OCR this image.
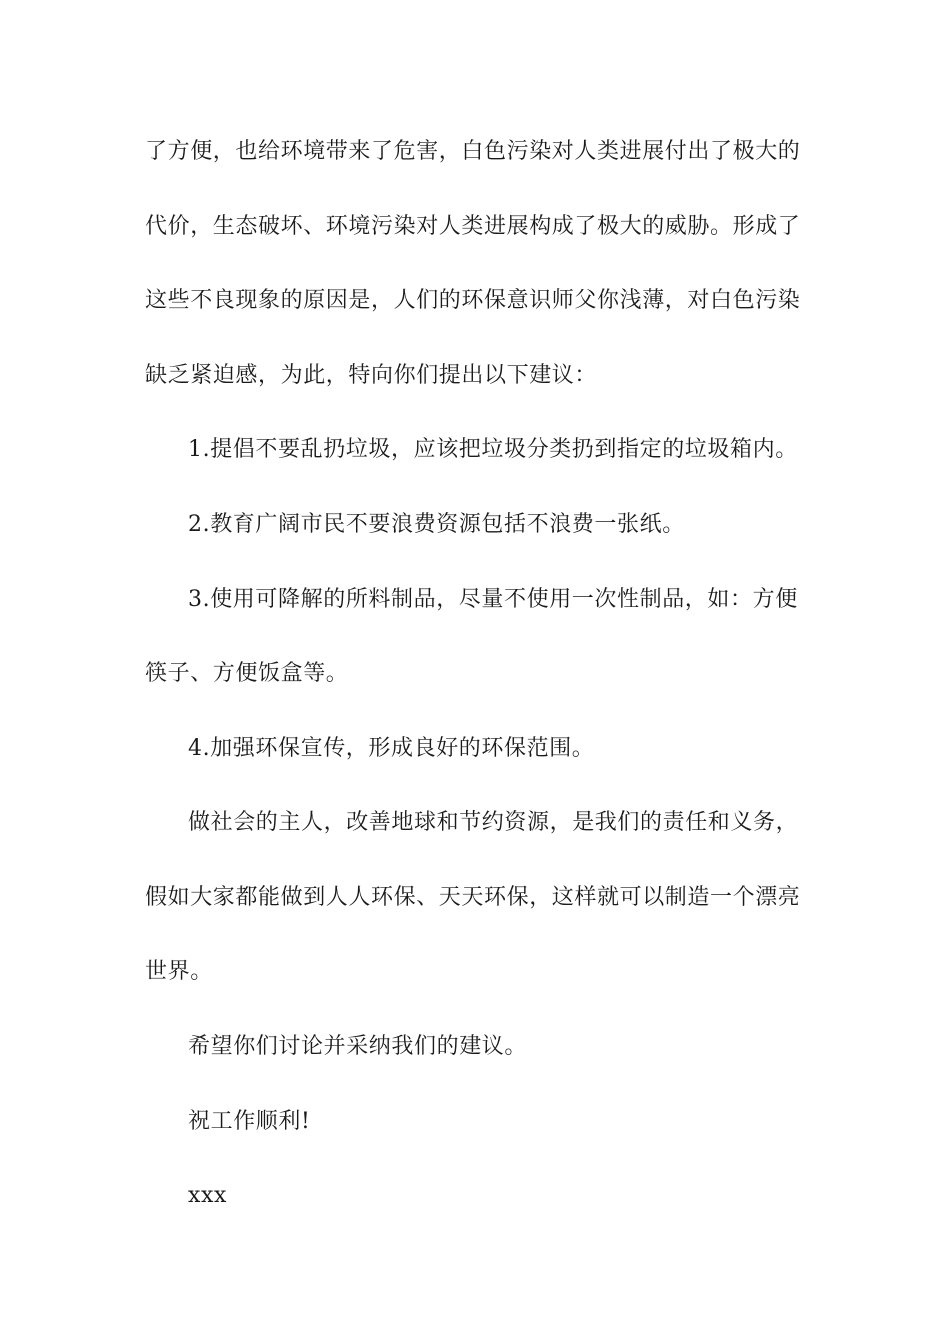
了方便，也给环境带来了危害，白色污染对人类进展付出了极大的
代价，生态破坏、环境污染对人类进展构成了极大的威胁。形成了
这些不良现象的原因是，人们的环保意识师父你浅薄，对白色污染
缺乏紧迫感，为此，特向你们提出以下建议：
1.提倡不要乱扔垃圾，应该把垃圾分类扔到指定的垃圾箱内。
2.教育广阔市民不要浪费资源包括不浪费一张纸。
3.使用可降解的所料制品，尽量不使用一次性制品，如：方便
筷子、方便饭盒等。
4.加强环保宣传，形成良好的环保范围。
做社会的主人，改善地球和节约资源，是我们的责任和义务，
假如大家都能做到人人环保、天天环保，这样就可以制造一个漂亮
世界。
希望你们讨论并采纳我们的建议。
祝工作顺利!
xxx
